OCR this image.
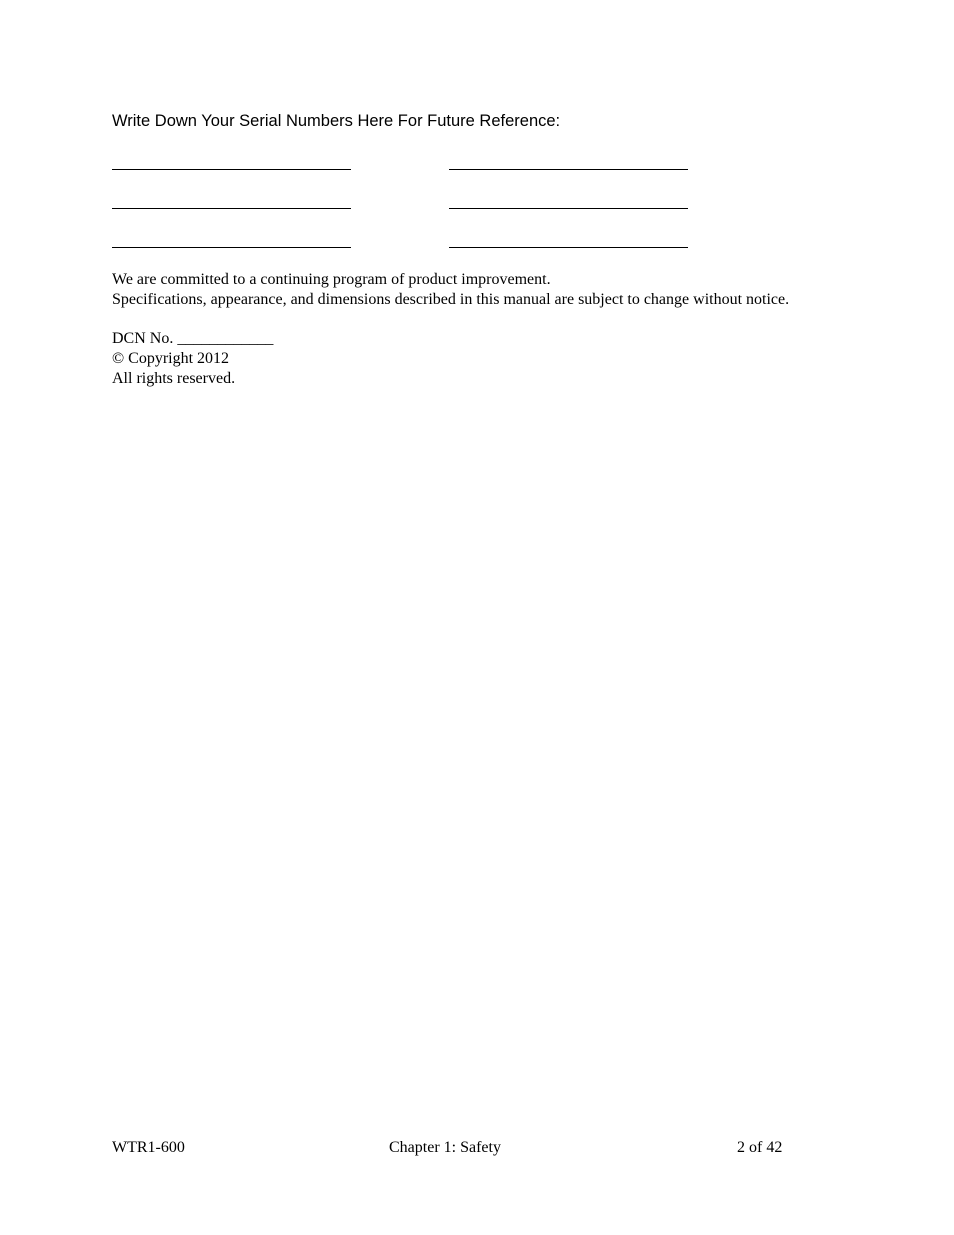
Write Down Your Serial Numbers Here For Future Reference:
We are committed to a continuing program of product improvement.
Specifications, appearance, and dimensions described in this manual are subject to change without notice.
DCN No. ____________
© Copyright 2012
All rights reserved.
WTR1-600	Chapter 1: Safety	2 of 42
